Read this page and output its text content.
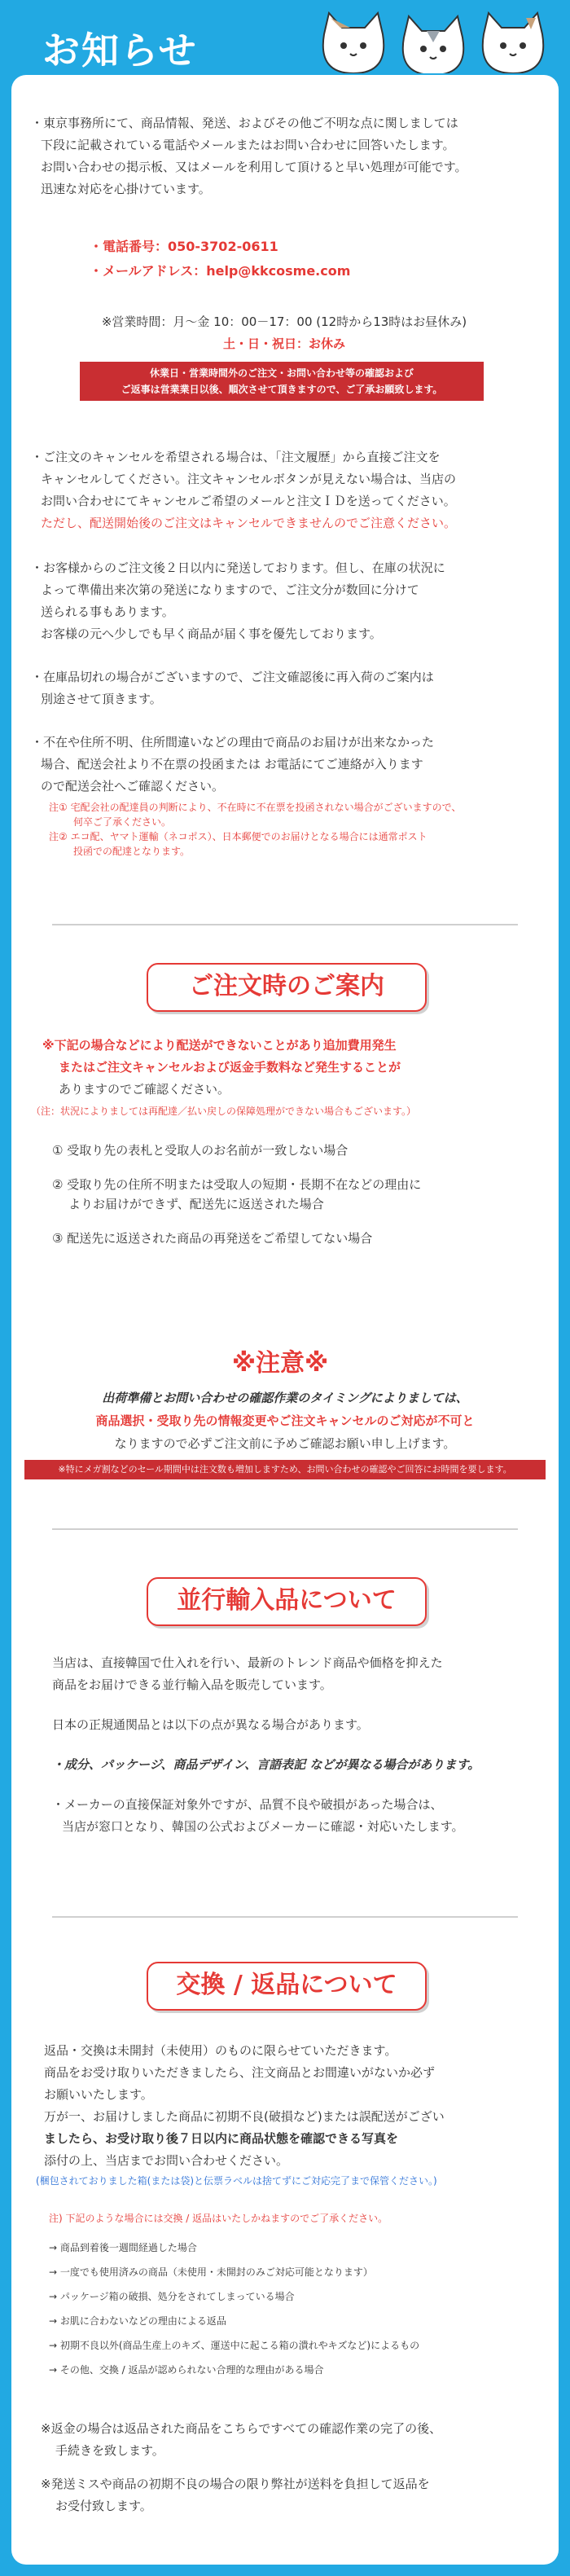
お知らせ
・東京事務所にて、商品情報、発送、およびその他ご不明な点に関しましては
下段に記載されている電話やメールまたはお問い合わせに回答いたします。
お問い合わせの掲示板、又はメールを利用して頂けると早い処理が可能です。
迅速な対応を心掛けています。
・電話番号：050-3702-0611
・メールアドレス：help@kkcosme.com
※営業時間：月～金 10：00－17：00 (12時から13時はお昼休み)
土・日・祝日：お休み
休業日・営業時間外のご注文・お問い合わせ等の確認および
ご返事は営業業日以後、順次させて頂きますので、ご了承お願致します。
・ご注文のキャンセルを希望される場合は、「注文履歴」から直接ご注文を
キャンセルしてください。注文キャンセルボタンが見えない場合は、当店の
お問い合わせにてキャンセルご希望のメールと注文ＩＤを送ってください。
ただし、配送開始後のご注文はキャンセルできませんのでご注意ください。
・お客様からのご注文後２日以内に発送しております。但し、在庫の状況に
よって準備出来次第の発送になりますので、ご注文分が数回に分けて
送られる事もあります。
お客様の元へ少しでも早く商品が届く事を優先しております。
・在庫品切れの場合がございますので、ご注文確認後に再入荷のご案内は
別途させて頂きます。
・不在や住所不明、住所間違いなどの理由で商品のお届けが出来なかった
場合、配送会社より不在票の投函または お電話にてご連絡が入ります
ので配送会社へご確認ください。
注① 宅配会社の配達員の判断により、不在時に不在票を投函されない場合がございますので、
何卒ご了承ください。
注② エコ配、ヤマト運輸（ネコポス）、日本郵便でのお届けとなる場合には通常ポスト
投函での配達となります。
ご注文時のご案内
※下記の場合などにより配送ができないことがあり追加費用発生
またはご注文キャンセルおよび返金手数料など発生することが
ありますのでご確認ください。
（注：状況によりましては再配達／払い戻しの保障処理ができない場合もございます。）
① 受取り先の表札と受取人のお名前が一致しない場合
② 受取り先の住所不明または受取人の短期・長期不在などの理由に
よりお届けができず、配送先に返送された場合
③ 配送先に返送された商品の再発送をご希望してない場合
※注意※
出荷準備とお問い合わせの確認作業のタイミングによりましては、
商品選択・受取り先の情報変更やご注文キャンセルのご対応が不可と
なりますので必ずご注文前に予めご確認お願い申し上げます。
※特にメガ割などのセール期間中は注文数も増加しますため、お問い合わせの確認やご回答にお時間を要します。
並行輸入品について
当店は、直接韓国で仕入れを行い、最新のトレンド商品や価格を抑えた
商品をお届けできる並行輸入品を販売しています。
日本の正規通関品とは以下の点が異なる場合があります。
・成分、パッケージ、商品デザイン、言語表記 などが異なる場合があります。
・メーカーの直接保証対象外ですが、品質不良や破損があった場合は、
当店が窓口となり、韓国の公式およびメーカーに確認・対応いたします。
交換 / 返品について
返品・交換は未開封（未使用）のものに限らせていただきます。
商品をお受け取りいただきましたら、注文商品とお間違いがないか必ず
お願いいたします。
万が一、お届けしました商品に初期不良(破損など)または誤配送がござい
ましたら、お受け取り後７日以内に商品状態を確認できる写真を
添付の上、当店までお問い合わせください。
(梱包されておりました箱(または袋)と伝票ラベルは捨てずにご対応完了まで保管ください。)
注) 下記のような場合には交換 / 返品はいたしかねますのでご了承ください。
→ 商品到着後一週間経過した場合
→ 一度でも使用済みの商品（未使用・未開封のみご対応可能となります）
→ パッケージ箱の破損、処分をされてしまっている場合
→ お肌に合わないなどの理由による返品
→ 初期不良以外(商品生産上のキズ、運送中に起こる箱の潰れやキズなど)によるもの
→ その他、交換 / 返品が認められない合理的な理由がある場合
※返金の場合は返品された商品をこちらですべての確認作業の完了の後、
手続きを致します。
※発送ミスや商品の初期不良の場合の限り弊社が送料を負担して返品を
お受付致します。
